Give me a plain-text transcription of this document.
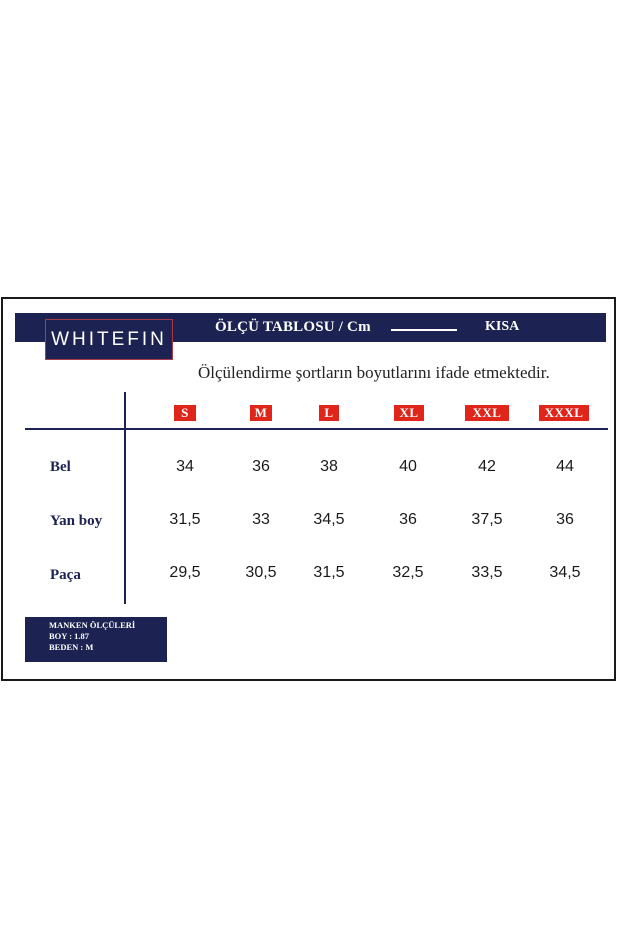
WHITEFIN
ÖLÇÜ TABLOSU / Cm	KISA
Ölçülendirme şortların boyutlarını ifade etmektedir.
S	M	L	XL	XXL	XXXL
Bel	34	36	38	40	42	44
Yan boy	31,5	33	34,5	36	37,5	36
Paça	29,5	30,5	31,5	32,5	33,5	34,5
MANKEN ÖLÇÜLERİ
BOY : 1.87
BEDEN : M
